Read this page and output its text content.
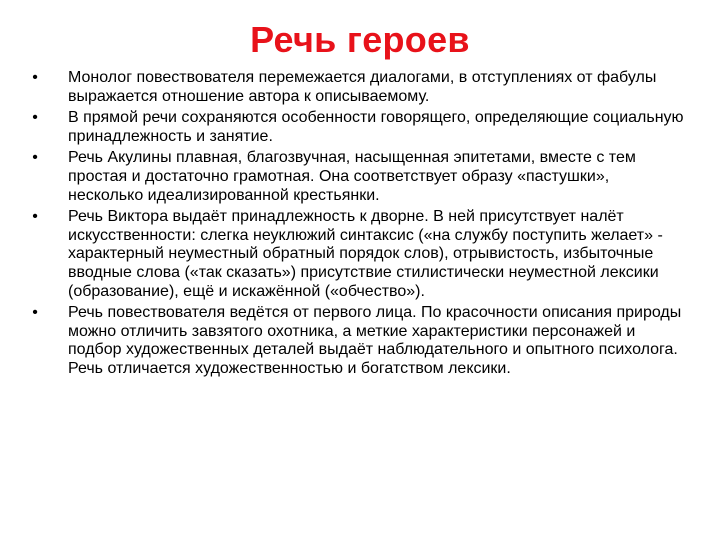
Речь героев
• Монолог повествователя перемежается диалогами, в отступлениях от фабулы выражается отношение автора к описываемому.
• В прямой речи сохраняются особенности говорящего, определяющие социальную принадлежность и занятие.
• Речь Акулины плавная, благозвучная, насыщенная эпитетами, вместе с тем простая и достаточно грамотная. Она соответствует образу «пастушки», несколько идеализированной крестьянки.
• Речь Виктора выдаёт принадлежность к дворне. В ней присутствует налёт искусственности: слегка неуклюжий синтаксис («на службу поступить желает» - характерный неуместный обратный порядок слов), отрывистость, избыточные вводные слова («так сказать») присутствие стилистически неуместной лексики (образование), ещё и искажённой («обчество»).
• Речь повествователя ведётся от первого лица. По красочности описания природы можно отличить завзятого охотника, а меткие характеристики персонажей и подбор художественных деталей выдаёт наблюдательного и опытного психолога. Речь отличается художественностью и богатством лексики.
